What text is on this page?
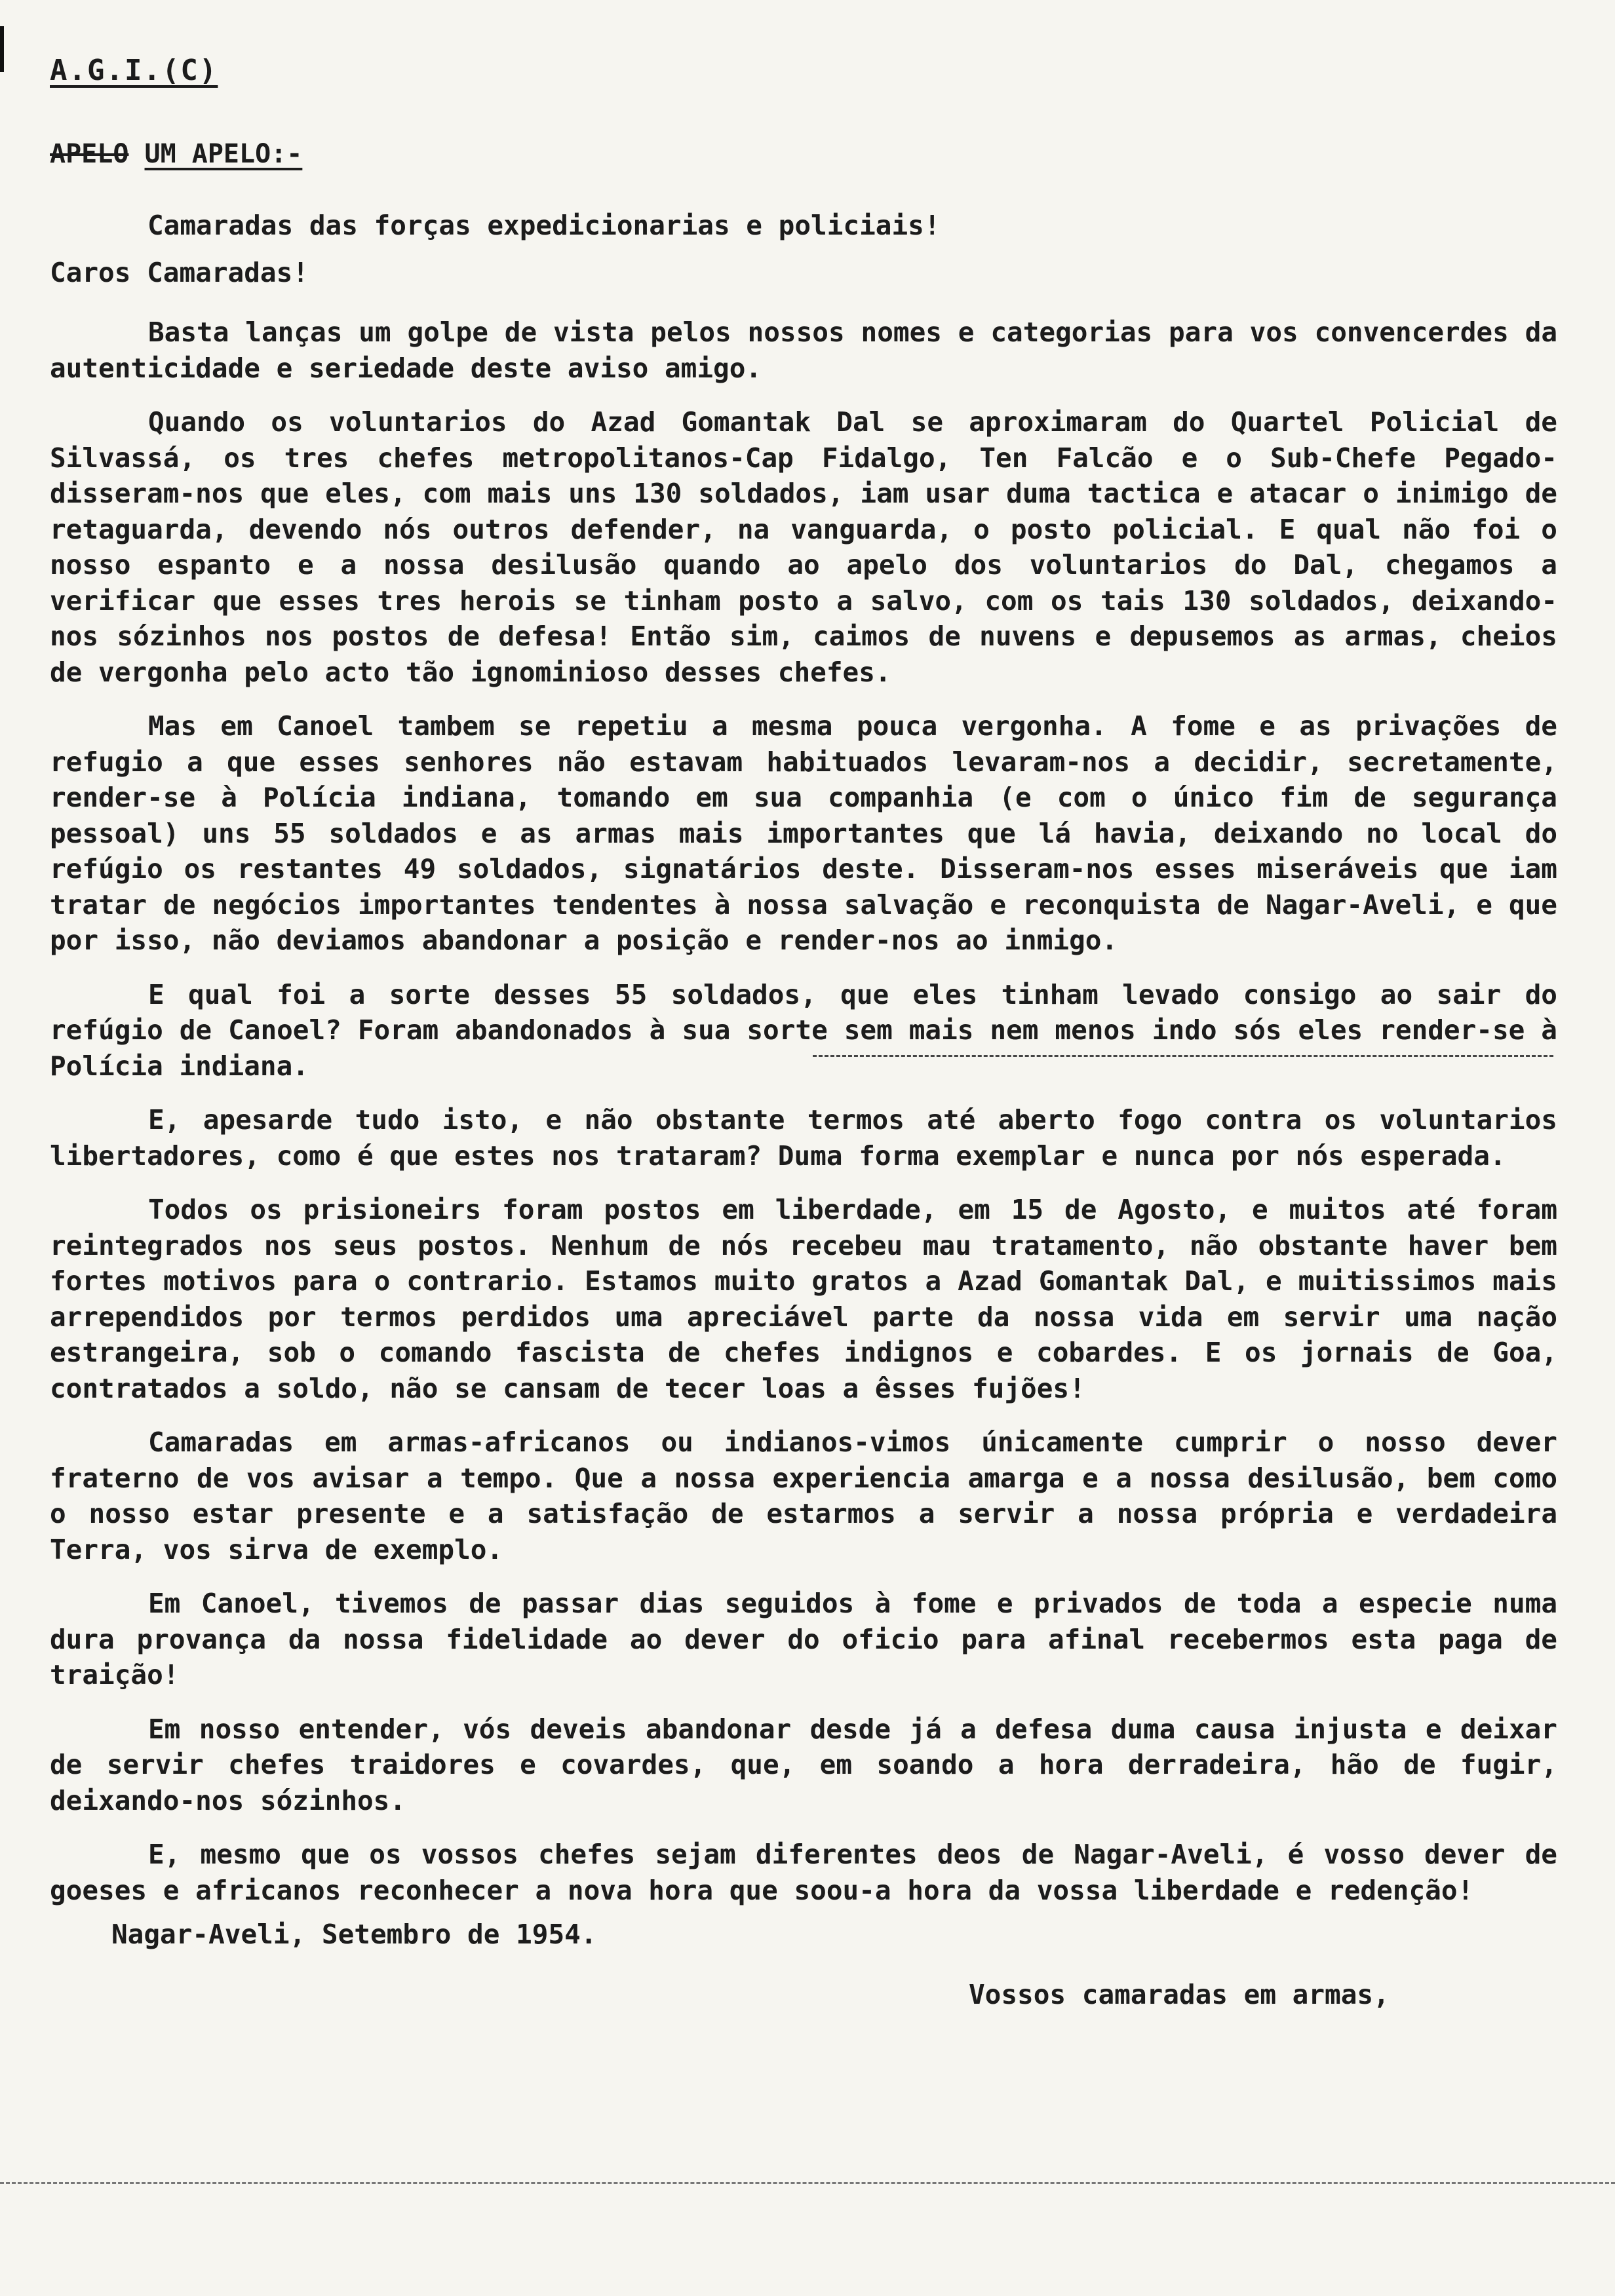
A.G.I.(C)
APELO UM APELO:-
Camaradas das forças expedicionarias e policiais!
Caros Camaradas!

Basta lanças um golpe de vista pelos nossos nomes e categorias para vos convencerdes da autenticidade e seriedade deste aviso amigo.

Quando os voluntarios do Azad Gomantak Dal se aproximaram do Quartel Policial de Silvassá, os tres chefes metropolitanos-Cap Fidalgo, Ten Falcão e o Sub-Chefe Pegado-disseram-nos que eles, com mais uns 130 soldados, iam usar duma tactica e atacar o inimigo de retaguarda, devendo nós outros defender, na vanguarda, o posto policial. E qual não foi o nosso espanto e a nossa desilusão quando ao apelo dos voluntarios do Dal, chegamos a verificar que esses tres herois se tinham posto a salvo, com os tais 130 soldados, deixando-nos sózinhos nos postos de defesa! Então sim, caimos de nuvens e depusemos as armas, cheios de vergonha pelo acto tão ignominioso desses chefes.

Mas em Canoel tambem se repetiu a mesma pouca vergonha. A fome e as privações de refugio a que esses senhores não estavam habituados levaram-nos a decidir, secretamente, render-se à Polícia indiana, tomando em sua companhia (e com o único fim de segurança pessoal) uns 55 soldados e as armas mais importantes que lá havia, deixando no local do refúgio os restantes 49 soldados, signatários deste. Disseram-nos esses miseráveis que iam tratar de negócios importantes tendentes à nossa salvação e reconquista de Nagar-Aveli, e que por isso, não deviamos abandonar a posição e render-nos ao inmigo.

E qual foi a sorte desses 55 soldados, que eles tinham levado consigo ao sair do refúgio de Canoel? Foram abandonados à sua sorte sem mais nem menos indo sós eles render-se à Polícia indiana.

E, apesarde tudo isto, e não obstante termos até aberto fogo contra os voluntarios libertadores, como é que estes nos trataram? Duma forma exemplar e nunca por nós esperada.

Todos os prisioneirs foram postos em liberdade, em 15 de Agosto, e muitos até foram reintegrados nos seus postos. Nenhum de nós recebeu mau tratamento, não obstante haver bem fortes motivos para o contrario. Estamos muito gratos a Azad Gomantak Dal, e muitissimos mais arrependidos por termos perdidos uma apreciável parte da nossa vida em servir uma nação estrangeira, sob o comando fascista de chefes indignos e cobardes. E os jornais de Goa, contratados a soldo, não se cansam de tecer loas a êsses fujões!

Camaradas em armas-africanos ou indianos-vimos únicamente cumprir o nosso dever fraterno de vos avisar a tempo. Que a nossa experiencia amarga e a nossa desilusão, bem como o nosso estar presente e a satisfação de estarmos a servir a nossa própria e verdadeira Terra, vos sirva de exemplo.

Em Canoel, tivemos de passar dias seguidos à fome e privados de toda a especie numa dura provança da nossa fidelidade ao dever do oficio para afinal recebermos esta paga de traição!

Em nosso entender, vós deveis abandonar desde já a defesa duma causa injusta e deixar de servir chefes traidores e covardes, que, em soando a hora derradeira, hão de fugir, deixando-nos sózinhos.

E, mesmo que os vossos chefes sejam diferentes deos de Nagar-Aveli, é vosso dever de goeses e africanos reconhecer a nova hora que soou-a hora da vossa liberdade e redenção!

Nagar-Aveli, Setembro de 1954.
Vossos camaradas em armas,
